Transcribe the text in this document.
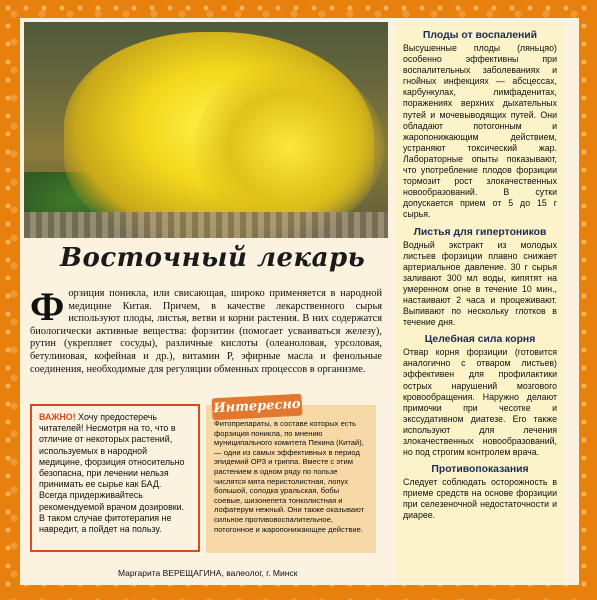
Восточный лекарь
Ф орзиция поникла, или свисающая, широко применяется в народной медицине Китая. Причем, в качестве лекарственного сырья используют плоды, листья, ветви и корни растения. В них содержатся биологически активные вещества: форзитин (помогает усваиваться железу), рутин (укрепляет сосуды), различные кислоты (олеаноловая, урсоловая, бетулиновая, кофейная и др.), витамин Р, эфирные масла и фенольные соединения, необходимые для регуляции обменных процессов в организме.
ВАЖНО! Хочу предостеречь читателей! Несмотря на то, что в отличие от некоторых растений, используемых в народной медицине, форзиция относительно безопасна, при лечении нельзя принимать ее сырье как БАД. Всегда придерживайтесь рекомендуемой врачом дозировки. В таком случае фитотерапия не навредит, а пойдет на пользу.
Фитопрепараты, в составе которых есть форзиция поникла, по мнению муниципального комитета Пекина (Китай), — одни из самых эффективных в период эпидемий ОРЗ и гриппа. Вместе с этим растением в одном ряду по пользе числятся мята перистолистная, лопух большой, солодка уральская, бобы соевые, шизонепета тонколистная и лофатерум нежный. Они также оказывают сильное противовоспалительное, потогонное и жаропонижающее действие.
Интересно
Маргарита ВЕРЕЩАГИНА, валеолог, г. Минск
Плоды от воспалений
Высушенные плоды (ляньцяо) особенно эффективны при воспалительных заболеваниях и гнойных инфекциях — абсцессах, карбункулах, лимфаденитах, поражениях верхних дыхательных путей и мочевыводящих путей. Они обладают потогонным и жаропонижающим действием, устраняют токсический жар. Лабораторные опыты показывают, что употребление плодов форзиции тормозит рост злокачественных новообразований. В сутки допускается прием от 5 до 15 г сырья.
Листья для гипертоников
Водный экстракт из молодых листьев форзиции плавно снижает артериальное давление. 30 г сырья заливают 300 мл воды, кипятят на умеренном огне в течение 10 мин., настаивают 2 часа и процеживают. Выпивают по нескольку глотков в течение дня.
Целебная сила корня
Отвар корня форзиции (готовится аналогично с отваром листьев) эффективен для профилактики острых нарушений мозгового кровообращения. Наружно делают примочки при чесотке и экссудативном диатезе. Его также используют для лечения злокачественных новообразований, но под строгим контролем врача.
Противопоказания
Следует соблюдать осторожность в приеме средств на основе форзиции при селезеночной недостаточности и диарее.
